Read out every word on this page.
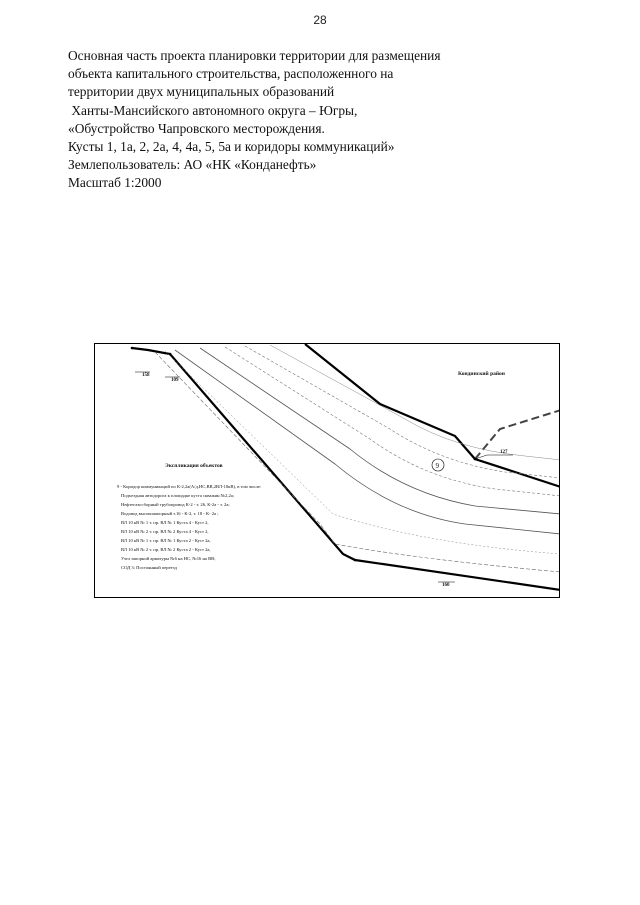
28
Основная часть проекта планировки территории для размещения
объекта капитального строительства, расположенного на
территории двух муниципальных образований
Ханты-Мансийского автономного округа – Югры,
«Обустройство Чапровского месторождения.
Кусты 1, 1а, 2, 2а, 4, 4а, 5, 5а и коридоры коммуникаций»
Землепользователь: АО «НК «Конданефть»
Масштаб 1:2000
158
109
127
160
Кондинский район
Экспликация объектов	9
9 - Коридор коммуникаций по К-2,2а(А/д,НС,ВВ,2ВЛ-10кВ), в том числе:
Подъездная автодорога к площадке куста скважин №2,2а;
Нефтегазосборный трубопровод К-2 - т. 26, К-2а - т. 2а;
Водовод высоконапорный т.16 - К-2, т. 18 - К- 2а ;
ВЛ 10 кВ № 1 т. пр. ВЛ № 1 Куста 4 - Куст 2,
ВЛ 10 кВ № 2 т. пр. ВЛ № 2 Куста 4 - Куст 2,
ВЛ 10 кВ № 1 т. пр. ВЛ № 1 Куста 2 - Куст 2а,
ВЛ 10 кВ № 2 т. пр. ВЛ № 2 Куста 2 - Куст 2а,
Узел запорной арматуры №6 на НС, №16 на ВВ;
СОД 3; Постоянный переезд
